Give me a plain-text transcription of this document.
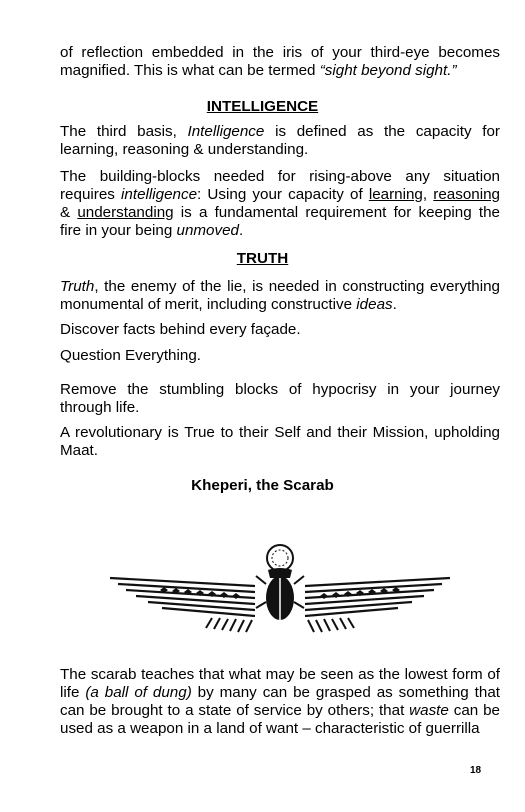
of reflection embedded in the iris of your third-eye becomes magnified. This is what can be termed “sight beyond sight.”

INTELLIGENCE

The third basis, Intelligence is defined as the capacity for learning, reasoning & understanding.

The building-blocks needed for rising-above any situation requires intelligence: Using your capacity of learning, reasoning & understanding is a fundamental requirement for keeping the fire in your being unmoved.

TRUTH

Truth, the enemy of the lie, is needed in constructing everything monumental of merit, including constructive ideas.

Discover facts behind every façade.

Question Everything.

Remove the stumbling blocks of hypocrisy in your journey through life.

A revolutionary is True to their Self and their Mission, upholding Maat.

Kheperi, the Scarab

The scarab teaches that what may be seen as the lowest form of life (a ball of dung) by many can be grasped as something that can be brought to a state of service by others; that waste can be used as a weapon in a land of want – characteristic of guerrilla

18
